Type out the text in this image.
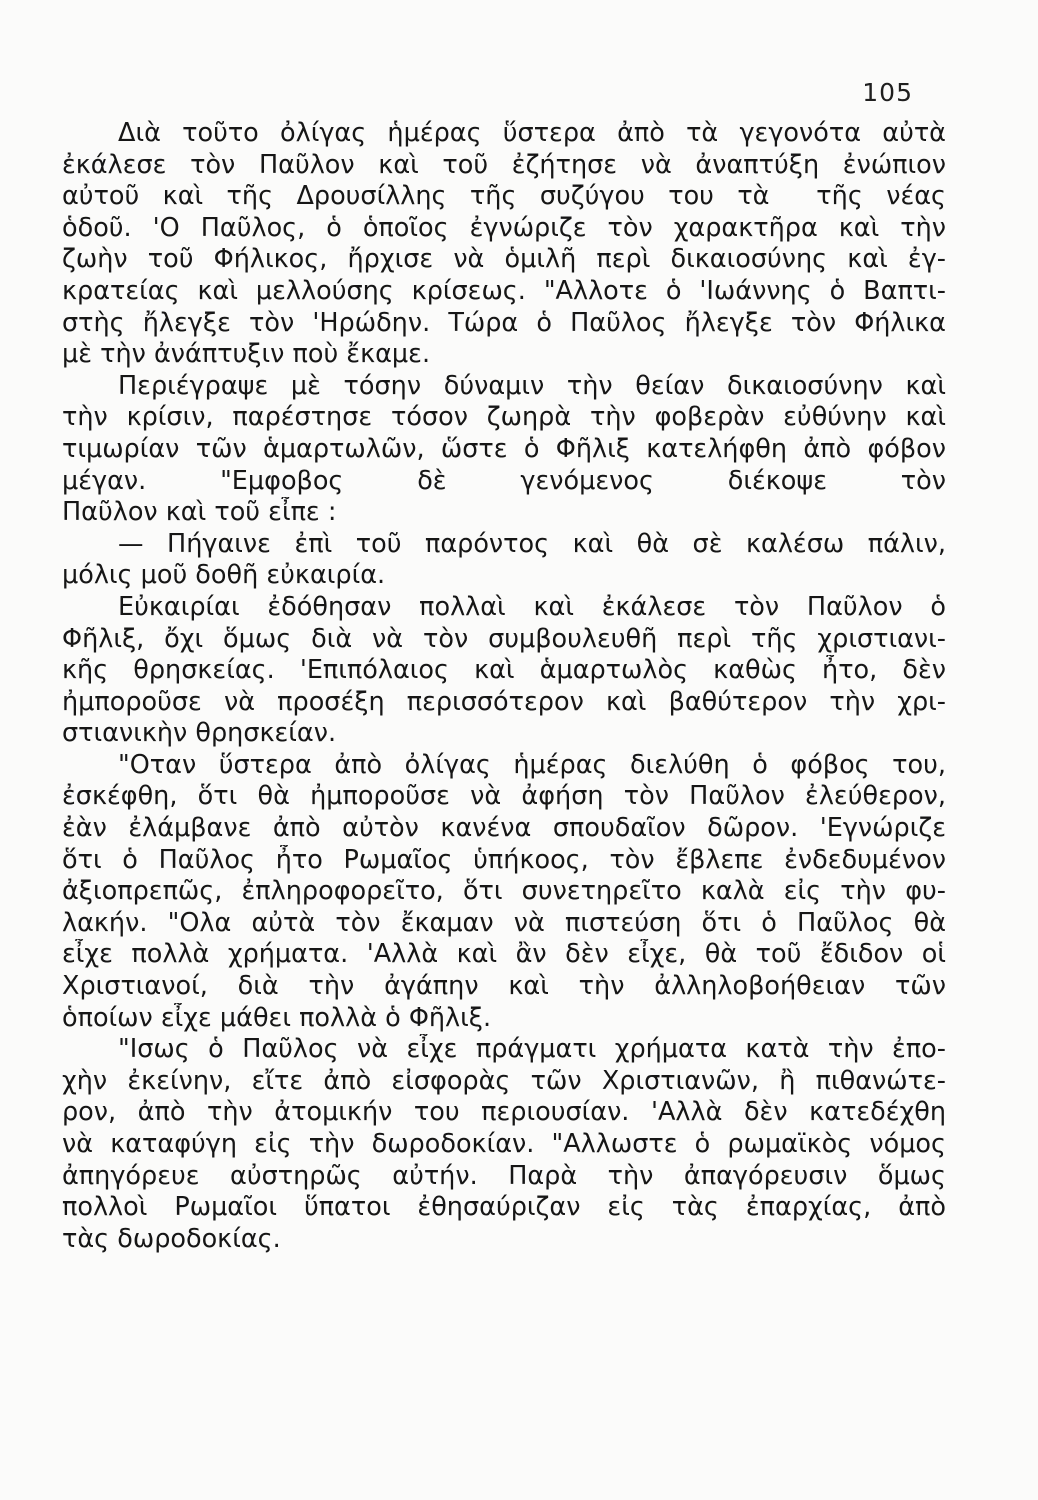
105
Διὰ τοῦτο ὀλίγας ἡμέρας ὕστερα ἀπὸ τὰ γεγονότα αὐτὰ
ἐκάλεσε τὸν Παῦλον καὶ τοῦ ἐζήτησε νὰ ἀναπτύξη ἐνώπιον
αὐτοῦ καὶ τῆς Δρουσίλλης τῆς συζύγου του τὰ  τῆς νέας
ὁδοῦ. 'Ο Παῦλος, ὁ ὁποῖος ἐγνώριζε τὸν χαρακτῆρα καὶ τὴν
ζωὴν τοῦ Φήλικος, ἤρχισε νὰ ὁμιλῆ περὶ δικαιοσύνης καὶ ἐγ-
κρατείας καὶ μελλούσης κρίσεως. "Αλλοτε ὁ 'Ιωάννης ὁ Βαπτι-
στὴς ἤλεγξε τὸν 'Ηρώδην. Τώρα ὁ Παῦλος ἤλεγξε τὸν Φήλικα
μὲ τὴν ἀνάπτυξιν ποὺ ἔκαμε.
Περιέγραψε μὲ τόσην δύναμιν τὴν θείαν δικαιοσύνην καὶ
τὴν κρίσιν, παρέστησε τόσον ζωηρὰ τὴν φοβερὰν εὐθύνην καὶ
τιμωρίαν τῶν ἁμαρτωλῶν, ὥστε ὁ Φῆλιξ κατελήφθη ἀπὸ φόβον
μέγαν. "Εμφοβος δὲ γενόμενος διέκοψε τὸν
Παῦλον καὶ τοῦ εἶπε :
— Πήγαινε ἐπὶ τοῦ παρόντος καὶ θὰ σὲ καλέσω πάλιν,
μόλις μοῦ δοθῆ εὐκαιρία.
Εὐκαιρίαι ἐδόθησαν πολλαὶ καὶ ἐκάλεσε τὸν Παῦλον ὁ
Φῆλιξ, ὄχι ὅμως διὰ νὰ τὸν συμβουλευθῆ περὶ τῆς χριστιανι-
κῆς θρησκείας. 'Επιπόλαιος καὶ ἁμαρτωλὸς καθὼς ἦτο, δὲν
ἠμποροῦσε νὰ προσέξη περισσότερον καὶ βαθύτερον τὴν χρι-
στιανικὴν θρησκείαν.
"Οταν ὕστερα ἀπὸ ὀλίγας ἡμέρας διελύθη ὁ φόβος του,
ἐσκέφθη, ὅτι θὰ ἠμποροῦσε νὰ ἀφήση τὸν Παῦλον ἐλεύθερον,
ἐὰν ἐλάμβανε ἀπὸ αὐτὸν κανένα σπουδαῖον δῶρον. 'Εγνώριζε
ὅτι ὁ Παῦλος ἦτο Ρωμαῖος ὑπήκοος, τὸν ἔβλεπε ἐνδεδυμένον
ἀξιοπρεπῶς, ἐπληροφορεῖτο, ὅτι συνετηρεῖτο καλὰ εἰς τὴν φυ-
λακήν. "Ολα αὐτὰ τὸν ἔκαμαν νὰ πιστεύση ὅτι ὁ Παῦλος θὰ
εἶχε πολλὰ χρήματα. 'Αλλὰ καὶ ἂν δὲν εἶχε, θὰ τοῦ ἔδιδον οἱ
Χριστιανοί, διὰ τὴν ἀγάπην καὶ τὴν ἀλληλοβοήθειαν τῶν
ὁποίων εἶχε μάθει πολλὰ ὁ Φῆλιξ.
"Ισως ὁ Παῦλος νὰ εἶχε πράγματι χρήματα κατὰ τὴν ἐπο-
χὴν ἐκείνην, εἴτε ἀπὸ εἰσφορὰς τῶν Χριστιανῶν, ἢ πιθανώτε-
ρον, ἀπὸ τὴν ἀτομικήν του περιουσίαν. 'Αλλὰ δὲν κατεδέχθη
νὰ καταφύγη εἰς τὴν δωροδοκίαν. "Αλλωστε ὁ ρωμαϊκὸς νόμος
ἀπηγόρευε αὐστηρῶς αὐτήν. Παρὰ τὴν ἀπαγόρευσιν ὅμως
πολλοὶ Ρωμαῖοι ὕπατοι ἐθησαύριζαν εἰς τὰς ἐπαρχίας, ἀπὸ
τὰς δωροδοκίας.
